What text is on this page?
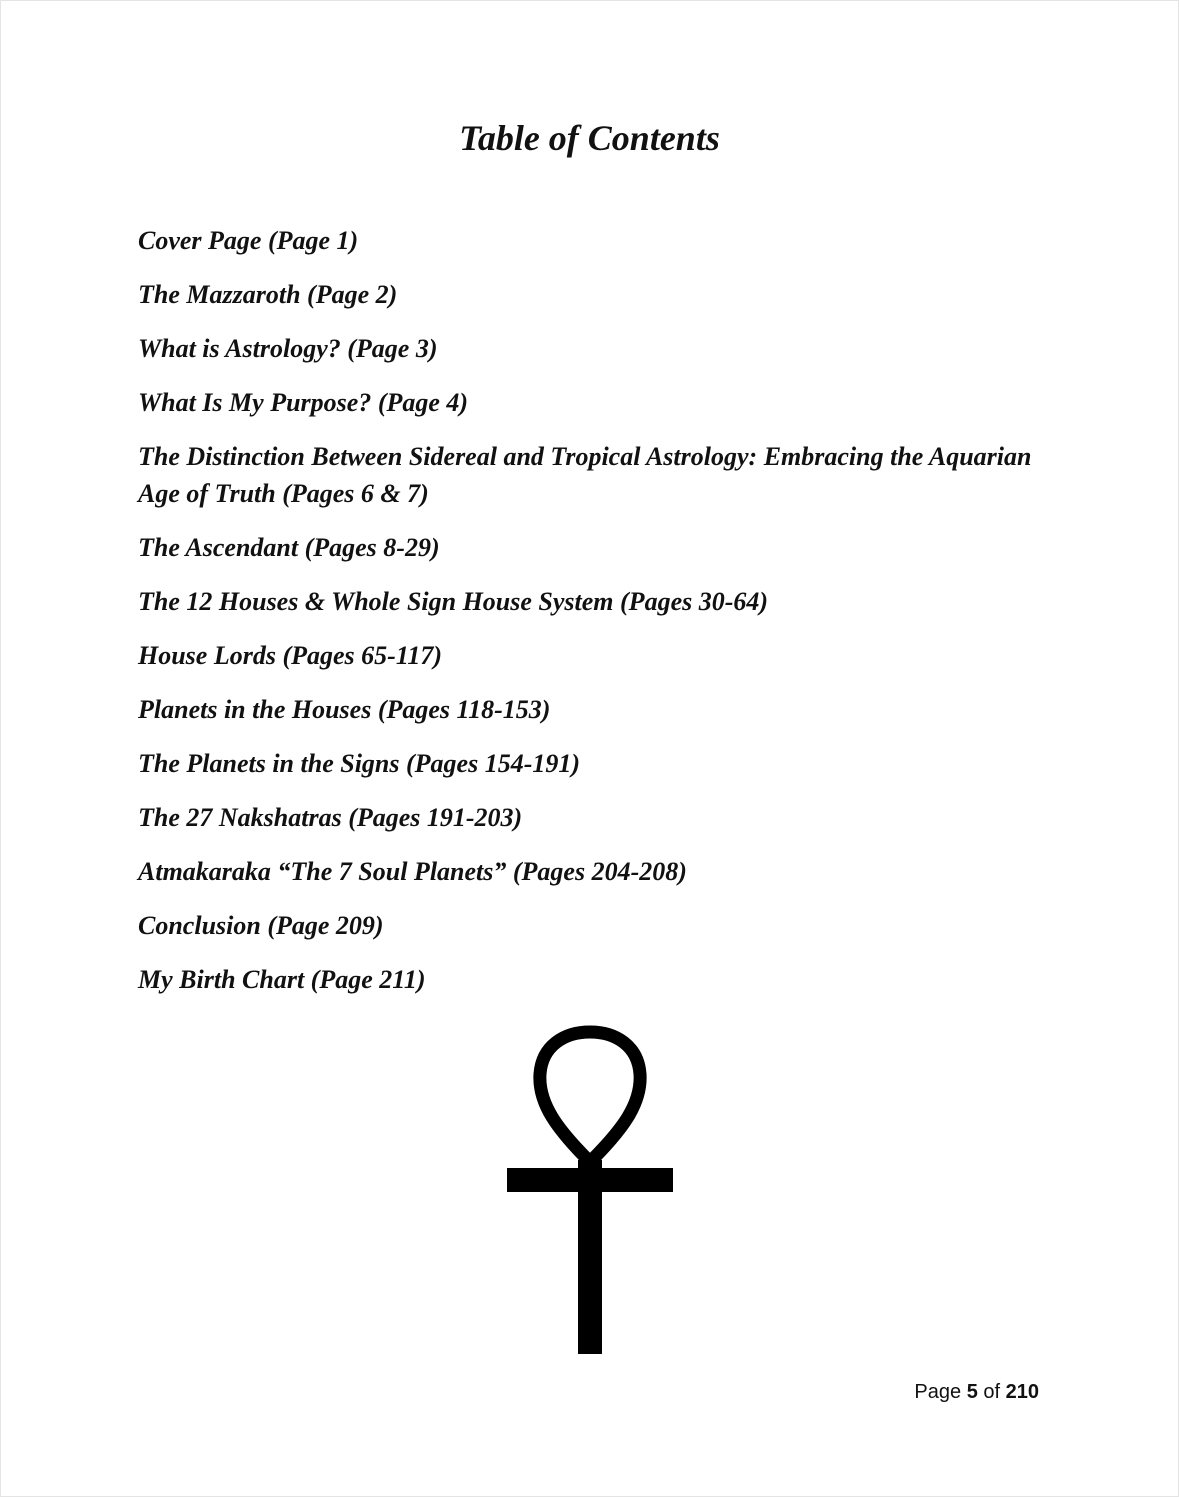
Table of Contents
Cover Page (Page 1)
The Mazzaroth (Page 2)
What is Astrology? (Page 3)
What Is My Purpose? (Page 4)
The Distinction Between Sidereal and Tropical Astrology: Embracing the Aquarian Age of Truth (Pages 6 & 7)
The Ascendant (Pages 8-29)
The 12 Houses & Whole Sign House System (Pages 30-64)
House Lords (Pages 65-117)
Planets in the Houses (Pages 118-153)
The Planets in the Signs (Pages 154-191)
The 27 Nakshatras (Pages 191-203)
Atmakaraka “The 7 Soul Planets” (Pages 204-208)
Conclusion (Page 209)
My Birth Chart (Page 211)
Page 5 of 210
